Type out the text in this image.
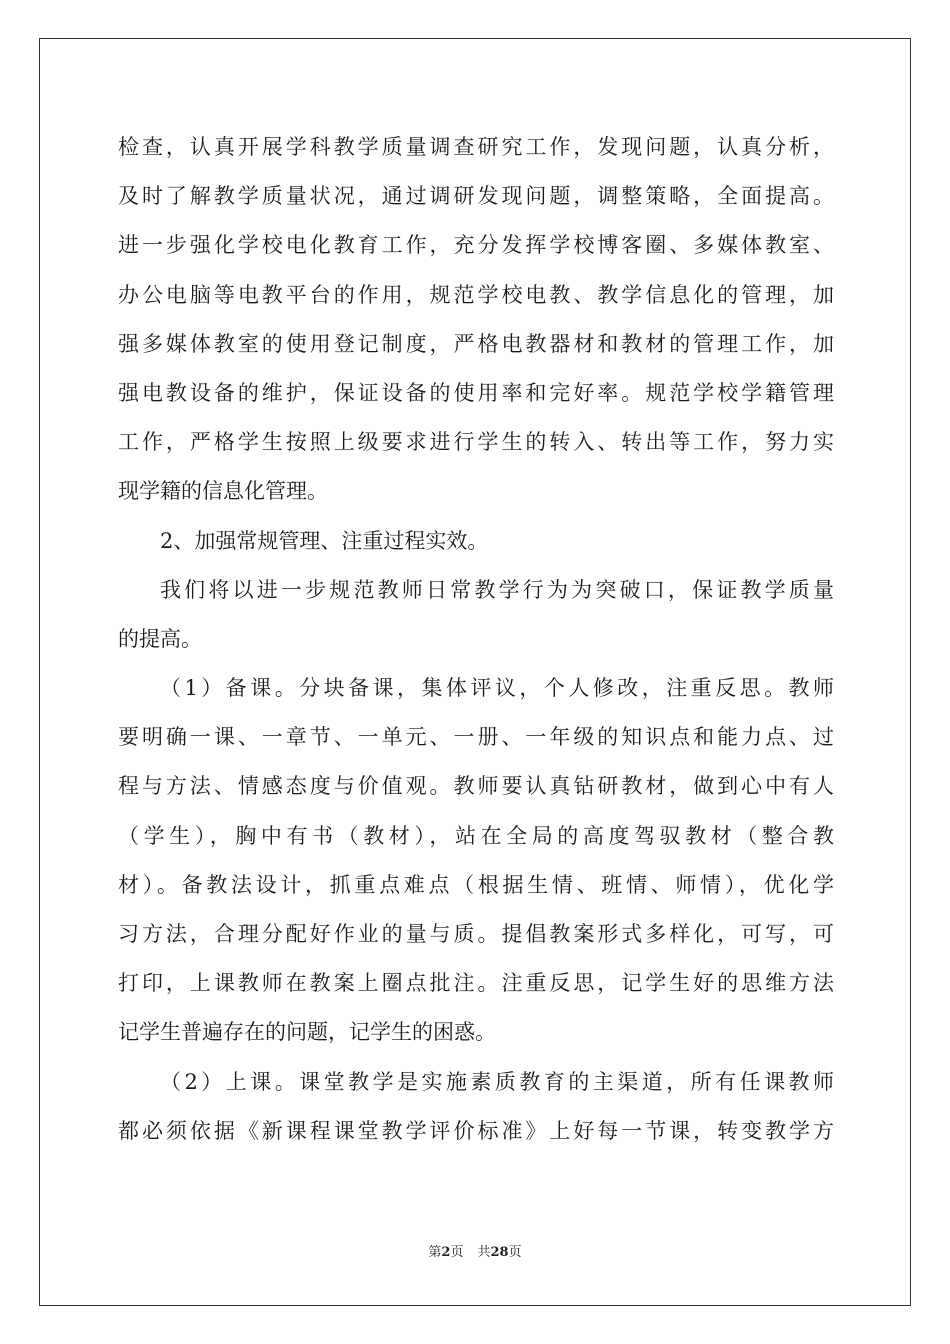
检查，认真开展学科教学质量调查研究工作，发现问题，认真分析，
及时了解教学质量状况，通过调研发现问题，调整策略，全面提高。
进一步强化学校电化教育工作，充分发挥学校博客圈、多媒体教室、
办公电脑等电教平台的作用，规范学校电教、教学信息化的管理，加
强多媒体教室的使用登记制度，严格电教器材和教材的管理工作，加
强电教设备的维护，保证设备的使用率和完好率。规范学校学籍管理
工作，严格学生按照上级要求进行学生的转入、转出等工作，努力实
现学籍的信息化管理。
2、加强常规管理、注重过程实效。
我们将以进一步规范教师日常教学行为为突破口，保证教学质量
的提高。
（1）备课。分块备课，集体评议，个人修改，注重反思。教师
要明确一课、一章节、一单元、一册、一年级的知识点和能力点、过
程与方法、情感态度与价值观。教师要认真钻研教材，做到心中有人
（学生），胸中有书（教材），站在全局的高度驾驭教材（整合教
材）。备教法设计，抓重点难点（根据生情、班情、师情），优化学
习方法，合理分配好作业的量与质。提倡教案形式多样化，可写，可
打印，上课教师在教案上圈点批注。注重反思，记学生好的思维方法
记学生普遍存在的问题，记学生的困惑。
（2）上课。课堂教学是实施素质教育的主渠道，所有任课教师
都必须依据《新课程课堂教学评价标准》上好每一节课，转变教学方
第2页 共28页
